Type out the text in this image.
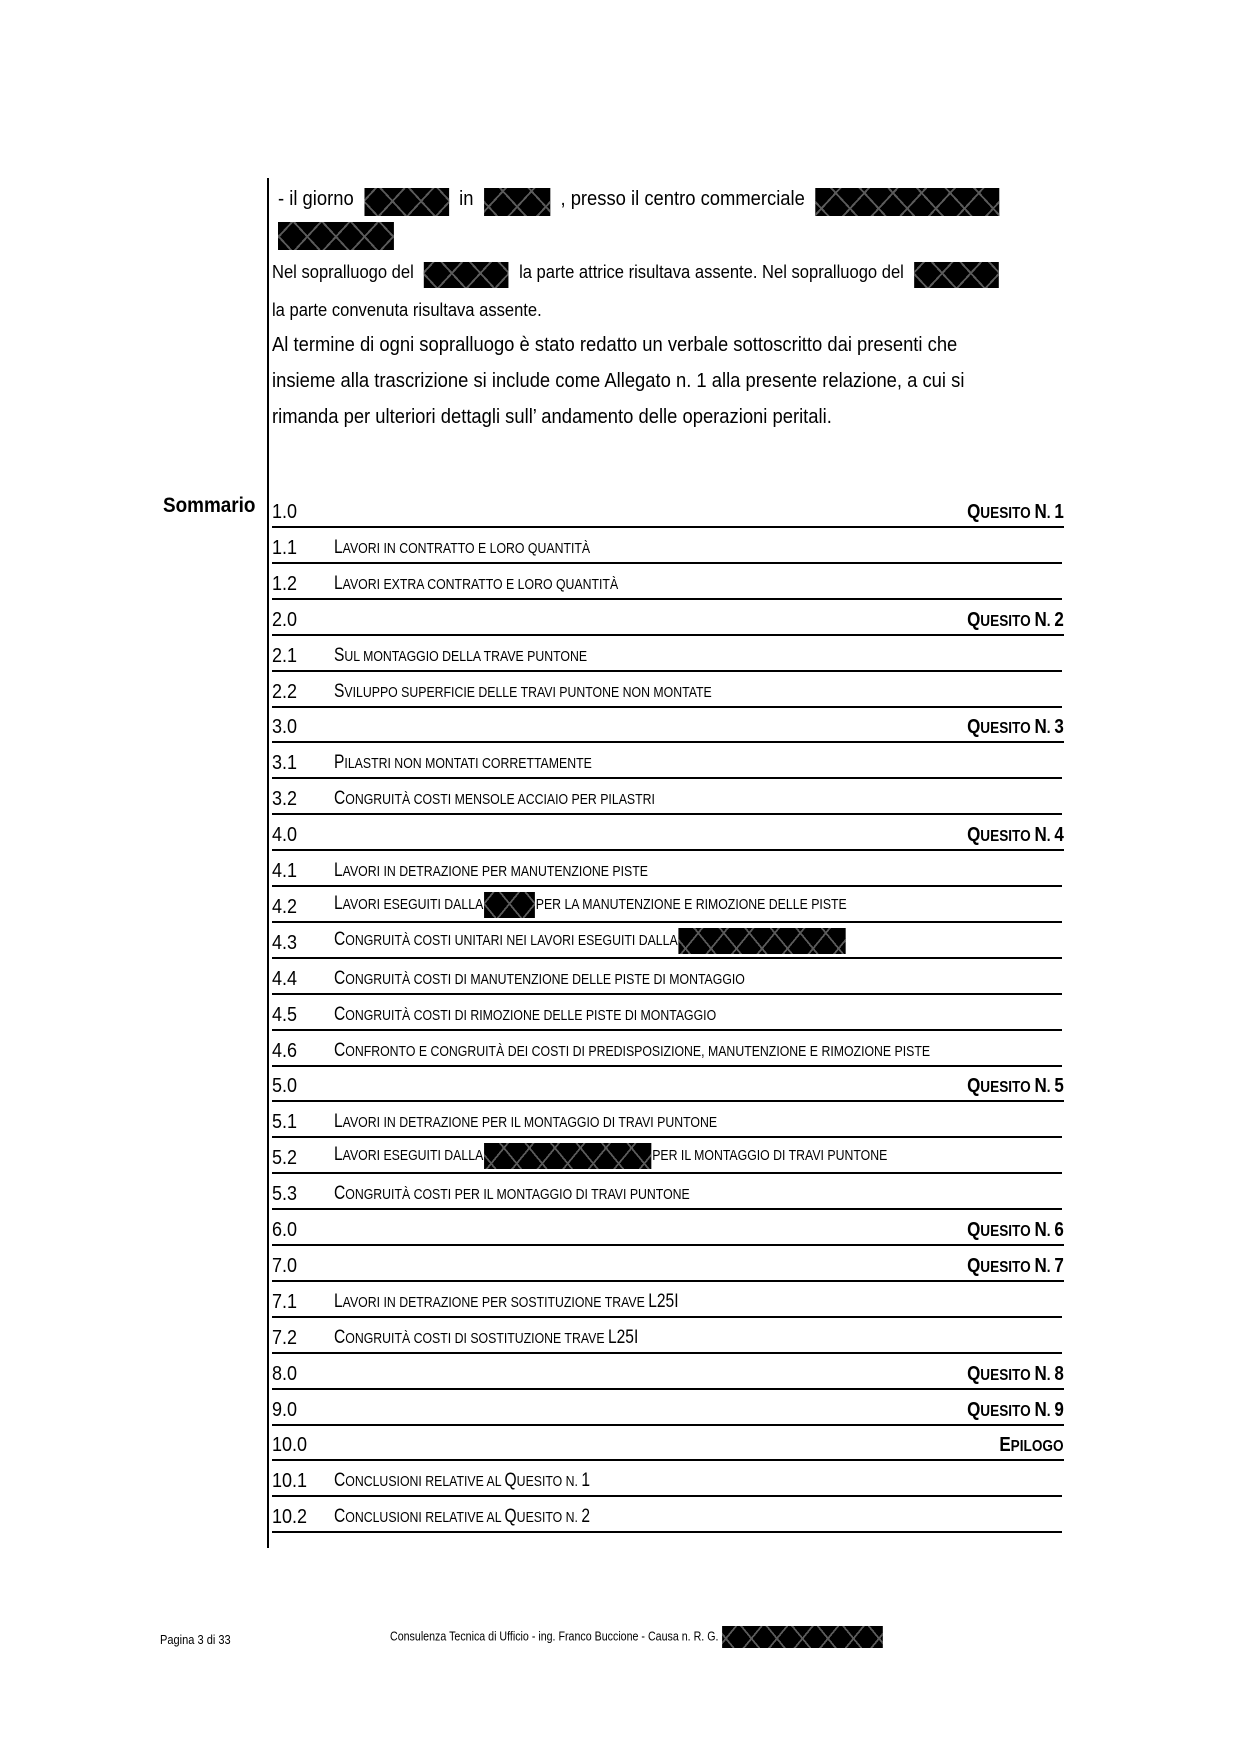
- il giorno	in	, presso il centro commerciale
Nel sopralluogo del	la parte attrice risultava assente. Nel sopralluogo del
la parte convenuta risultava assente.
Al termine di ogni sopralluogo è stato redatto un verbale sottoscritto dai presenti che
insieme alla trascrizione si include come Allegato n. 1 alla presente relazione, a cui si
rimanda per ulteriori dettagli sull’ andamento delle operazioni peritali.
Sommario 1.0	QUESITO N. 1
1.1 LAVORI IN CONTRATTO E LORO QUANTITÀ
1.2 LAVORI EXTRA CONTRATTO E LORO QUANTITÀ
2.0	QUESITO N. 2
2.1 SUL MONTAGGIO DELLA TRAVE PUNTONE
2.2 SVILUPPO SUPERFICIE DELLE TRAVI PUNTONE NON MONTATE
3.0	QUESITO N. 3
3.1 PILASTRI NON MONTATI CORRETTAMENTE
3.2 CONGRUITÀ COSTI MENSOLE ACCIAIO PER PILASTRI
4.0	QUESITO N. 4
4.1 LAVORI IN DETRAZIONE PER MANUTENZIONE PISTE
4.2 LAVORI ESEGUITI DALLA	PER LA MANUTENZIONE E RIMOZIONE DELLE PISTE
4.3 CONGRUITÀ COSTI UNITARI NEI LAVORI ESEGUITI DALLA
4.4 CONGRUITÀ COSTI DI MANUTENZIONE DELLE PISTE DI MONTAGGIO
4.5 CONGRUITÀ COSTI DI RIMOZIONE DELLE PISTE DI MONTAGGIO
4.6 CONFRONTO E CONGRUITÀ DEI COSTI DI PREDISPOSIZIONE, MANUTENZIONE E RIMOZIONE PISTE
5.0	QUESITO N. 5
5.1 LAVORI IN DETRAZIONE PER IL MONTAGGIO DI TRAVI PUNTONE
5.2 LAVORI ESEGUITI DALLA	PER IL MONTAGGIO DI TRAVI PUNTONE
5.3 CONGRUITÀ COSTI PER IL MONTAGGIO DI TRAVI PUNTONE
6.0	QUESITO N. 6
7.0	QUESITO N. 7
7.1 LAVORI IN DETRAZIONE PER SOSTITUZIONE TRAVE L25I
7.2 CONGRUITÀ COSTI DI SOSTITUZIONE TRAVE L25I
8.0	QUESITO N. 8
9.0	QUESITO N. 9
10.0	EPILOGO
10.1 CONCLUSIONI RELATIVE AL QUESITO N. 1
10.2 CONCLUSIONI RELATIVE AL QUESITO N. 2
Pagina 3 di 33	Consulenza Tecnica di Ufficio - ing. Franco Buccione - Causa n. R. G.
